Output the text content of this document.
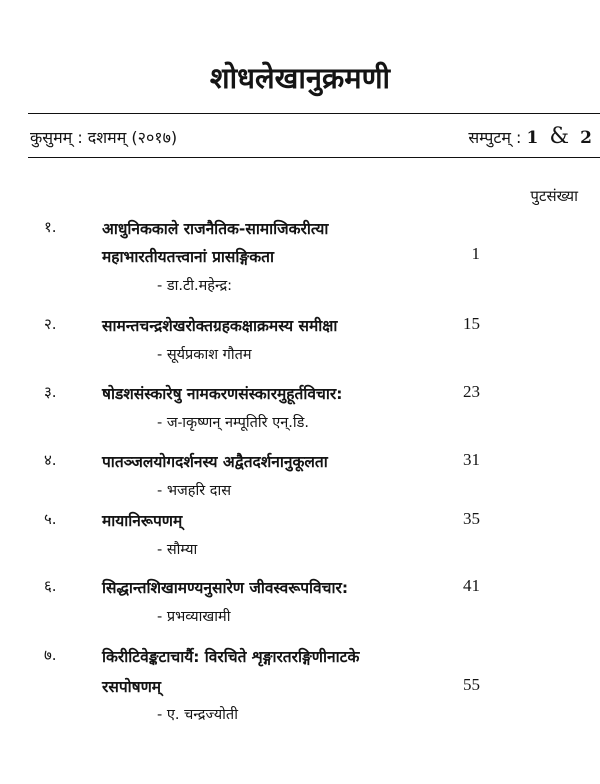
शोधलेखानुक्रमणी
कुसुमम् : दशमम् (२०१७)	सम्पुटम् : 1 & 2
पुटसंख्या
१.	आधुनिककाले राजनैतिक-सामाजिकरीत्या
महाभारतीयतत्त्वानां प्रासङ्गिकता	1
- डा.टी.महेन्द्र:
२.	सामन्तचन्द्रशेखरोक्तग्रहकक्षाक्रमस्य समीक्षा	15
- सूर्यप्रकाश गौतम
३.	षोडशसंस्कारेषु नामकरणसंस्कारमुहूर्तविचार:	23
- ज-ाकृष्णन् नम्पूतिरि एन्.डि.
४.	पातञ्जलयोगदर्शनस्य अद्वैतदर्शनानुकूलता	31
- भजहरि दास
५.	मायानिरूपणम्	35
- सौम्या
६.	सिद्धान्तशिखामण्यनुसारेण जीवस्वरूपविचार:	41
- प्रभव्याखामी
७.	किरीटिवेङ्कटाचार्यै: विरचिते शृङ्गारतरङ्गिणीनाटके
रसपोषणम्	55
- ए. चन्द्रज्योती
